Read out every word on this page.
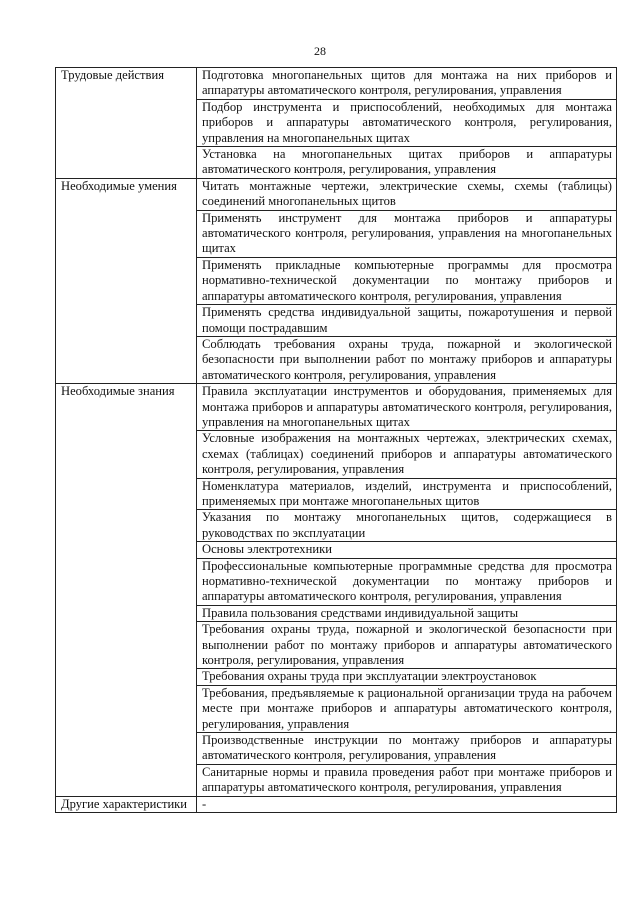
28
Трудовые действия	Подготовка многопанельных щитов для монтажа на них приборов и аппаратуры автоматического контроля, регулирования, управления
	Подбор инструмента и приспособлений, необходимых для монтажа приборов и аппаратуры автоматического контроля, регулирования, управления на многопанельных щитах
	Установка на многопанельных щитах приборов и аппаратуры автоматического контроля, регулирования, управления
Необходимые умения	Читать монтажные чертежи, электрические схемы, схемы (таблицы) соединений многопанельных щитов
	Применять инструмент для монтажа приборов и аппаратуры автоматического контроля, регулирования, управления на многопанельных щитах
	Применять прикладные компьютерные программы для просмотра нормативно-технической документации по монтажу приборов и аппаратуры автоматического контроля, регулирования, управления
	Применять средства индивидуальной защиты, пожаротушения и первой помощи пострадавшим
	Соблюдать требования охраны труда, пожарной и экологической безопасности при выполнении работ по монтажу приборов и аппаратуры автоматического контроля, регулирования, управления
Необходимые знания	Правила эксплуатации инструментов и оборудования, применяемых для монтажа приборов и аппаратуры автоматического контроля, регулирования, управления на многопанельных щитах
	Условные изображения на монтажных чертежах, электрических схемах, схемах (таблицах) соединений приборов и аппаратуры автоматического контроля, регулирования, управления
	Номенклатура материалов, изделий, инструмента и приспособлений, применяемых при монтаже многопанельных щитов
	Указания по монтажу многопанельных щитов, содержащиеся в руководствах по эксплуатации
	Основы электротехники
	Профессиональные компьютерные программные средства для просмотра нормативно-технической документации по монтажу приборов и аппаратуры автоматического контроля, регулирования, управления
	Правила пользования средствами индивидуальной защиты
	Требования охраны труда, пожарной и экологической безопасности при выполнении работ по монтажу приборов и аппаратуры автоматического контроля, регулирования, управления
	Требования охраны труда при эксплуатации электроустановок
	Требования, предъявляемые к рациональной организации труда на рабочем месте при монтаже приборов и аппаратуры автоматического контроля, регулирования, управления
	Производственные инструкции по монтажу приборов и аппаратуры автоматического контроля, регулирования, управления
	Санитарные нормы и правила проведения работ при монтаже приборов и аппаратуры автоматического контроля, регулирования, управления
Другие характеристики	-
